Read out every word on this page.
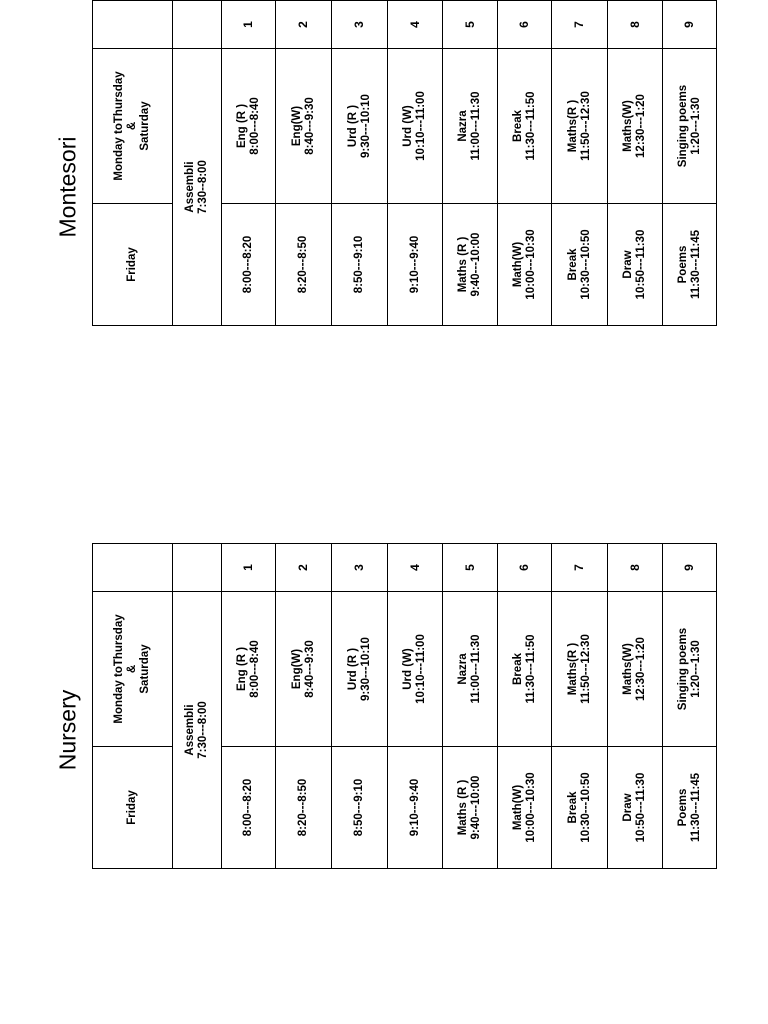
Montesori
Friday	Monday toThursday
&
Saturday	

Assembli 7:30--8:00		

8:00---8:20	Eng (R ) 8:00---8:40	1

8:20---8:50	Eng(W) 8:40---9:30	2

8:50---9:10	Urd (R ) 9:30---10:10	3

9:10---9:40	Urd (W) 10:10---11:00	4

Maths (R ) 9:40---10:00	Nazra 11:00---11:30	5

Math(W) 10:00---10:30	Break 11:30---11:50	6

Break 10:30---10:50	Maths(R ) 11:50---12:30	7

Draw 10:50---11:30	Maths(W) 12:30---1:20	8

Poems 11:30---11:45	Singing poems 1:20---1:30	9
Nursery
Friday	Monday toThursday
&
Saturday	

Assembli 7:30---8:00		

8:00---8:20	Eng (R ) 8:00---8:40	1

8:20---8:50	Eng(W) 8:40---9:30	2

8:50---9:10	Urd (R ) 9:30---10:10	3

9:10---9:40	Urd (W) 10:10---11:00	4

Maths (R ) 9:40---10:00	Nazra 11:00---11:30	5

Math(W) 10:00---10:30	Break 11:30---11:50	6

Break 10:30---10:50	Maths(R ) 11:50---12:30	7

Draw 10:50---11:30	Maths(W) 12:30---1:20	8

Poems 11:30---11:45	Singing poems 1:20---1:30	9
